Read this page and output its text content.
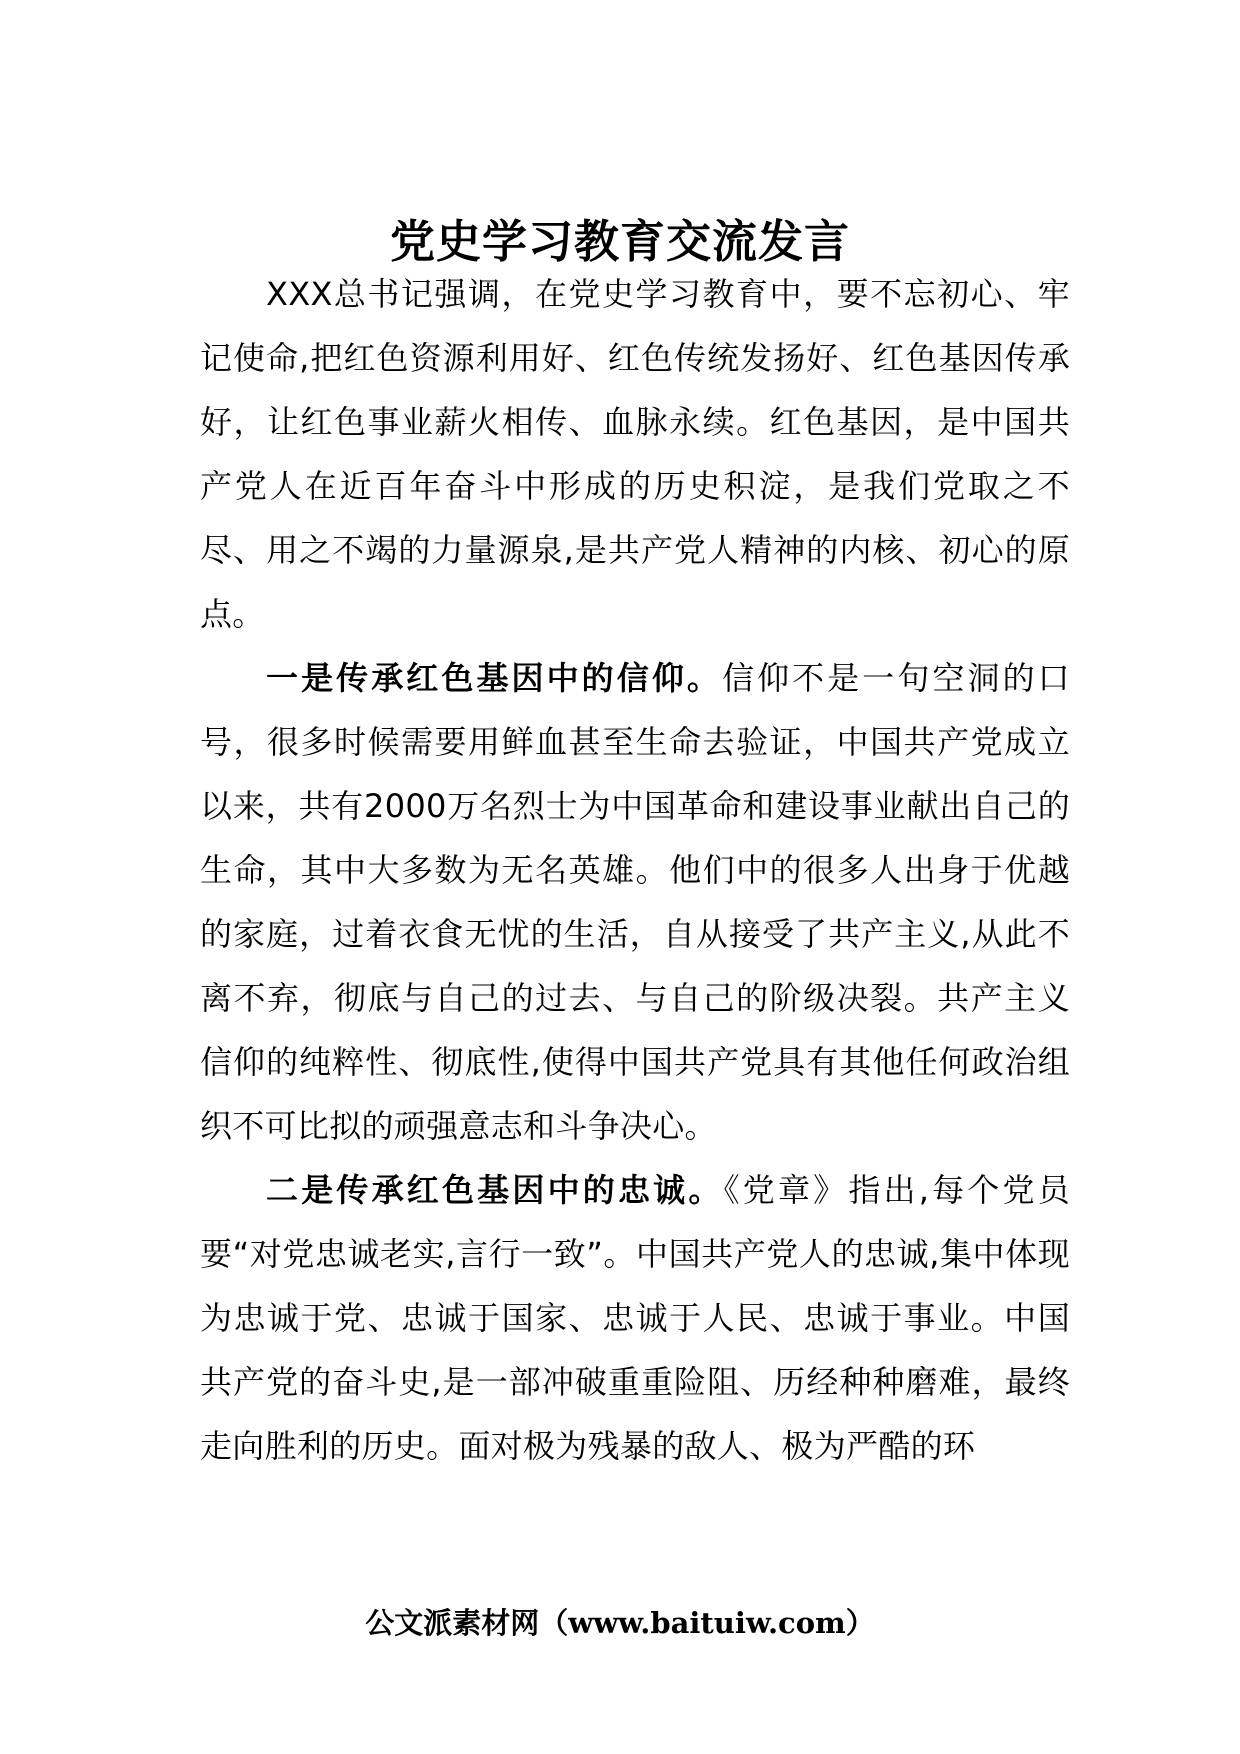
党史学习教育交流发言

XXX总书记强调，在党史学习教育中，要不忘初心、牢记使命,把红色资源利用好、红色传统发扬好、红色基因传承好，让红色事业薪火相传、血脉永续。红色基因，是中国共产党人在近百年奋斗中形成的历史积淀，是我们党取之不尽、用之不竭的力量源泉,是共产党人精神的内核、初心的原点。

一是传承红色基因中的信仰。信仰不是一句空洞的口号，很多时候需要用鲜血甚至生命去验证，中国共产党成立以来，共有2000万名烈士为中国革命和建设事业献出自己的生命，其中大多数为无名英雄。他们中的很多人出身于优越的家庭，过着衣食无忧的生活，自从接受了共产主义,从此不离不弃，彻底与自己的过去、与自己的阶级决裂。共产主义信仰的纯粹性、彻底性,使得中国共产党具有其他任何政治组织不可比拟的顽强意志和斗争决心。

二是传承红色基因中的忠诚。《党章》指出,每个党员要“对党忠诚老实,言行一致”。中国共产党人的忠诚,集中体现为忠诚于党、忠诚于国家、忠诚于人民、忠诚于事业。中国共产党的奋斗史,是一部冲破重重险阻、历经种种磨难，最终走向胜利的历史。面对极为残暴的敌人、极为严酷的环

公文派素材网（www.baituiw.com）
